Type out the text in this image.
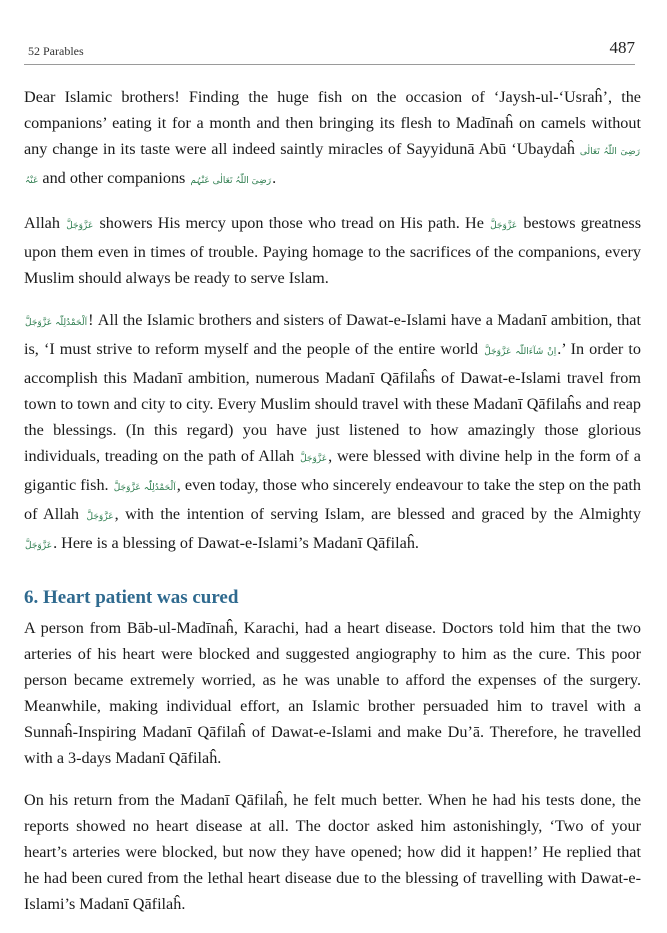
52 Parables	487

Dear Islamic brothers! Finding the huge fish on the occasion of ‘Jaysh-ul-‘Usraĥ’, the companions’ eating it for a month and then bringing its flesh to Madīnaĥ on camels without any change in its taste were all indeed saintly miracles of Sayyidunā Abū ‘Ubaydaĥ رَضِیَ اللّٰہُ تَعَالٰی عَنْہُ and other companions رَضِیَ اللّٰہُ تَعَالٰی عَنْہُم.

Allah عَزَّوَجَلَّ showers His mercy upon those who tread on His path. He عَزَّوَجَلَّ bestows greatness upon them even in times of trouble. Paying homage to the sacrifices of the companions, every Muslim should always be ready to serve Islam.

اَلْحَمْدُلِلّٰہ عَزَّوَجَلَّ! All the Islamic brothers and sisters of Dawat-e-Islami have a Madanī ambition, that is, ‘I must strive to reform myself and the people of the entire world اِنْ شَآءَاللّٰہ عَزَّوَجَلَّ.’ In order to accomplish this Madanī ambition, numerous Madanī Qāfilaĥs of Dawat-e-Islami travel from town to town and city to city. Every Muslim should travel with these Madanī Qāfilaĥs and reap the blessings. (In this regard) you have just listened to how amazingly those glorious individuals, treading on the path of Allah عَزَّوَجَلَّ, were blessed with divine help in the form of a gigantic fish. اَلْحَمْدُلِلّٰہ عَزَّوَجَلَّ, even today, those who sincerely endeavour to take the step on the path of Allah عَزَّوَجَلَّ, with the intention of serving Islam, are blessed and graced by the Almighty عَزَّوَجَلَّ. Here is a blessing of Dawat-e-Islami’s Madanī Qāfilaĥ.

6. Heart patient was cured

A person from Bāb-ul-Madīnaĥ, Karachi, had a heart disease. Doctors told him that the two arteries of his heart were blocked and suggested angiography to him as the cure. This poor person became extremely worried, as he was unable to afford the expenses of the surgery. Meanwhile, making individual effort, an Islamic brother persuaded him to travel with a Sunnaĥ-Inspiring Madanī Qāfilaĥ of Dawat-e-Islami and make Du’ā. Therefore, he travelled with a 3-days Madanī Qāfilaĥ.

On his return from the Madanī Qāfilaĥ, he felt much better. When he had his tests done, the reports showed no heart disease at all. The doctor asked him astonishingly, ‘Two of your heart’s arteries were blocked, but now they have opened; how did it happen!’ He replied that he had been cured from the lethal heart disease due to the blessing of travelling with Dawat-e-Islami’s Madanī Qāfilaĥ.
